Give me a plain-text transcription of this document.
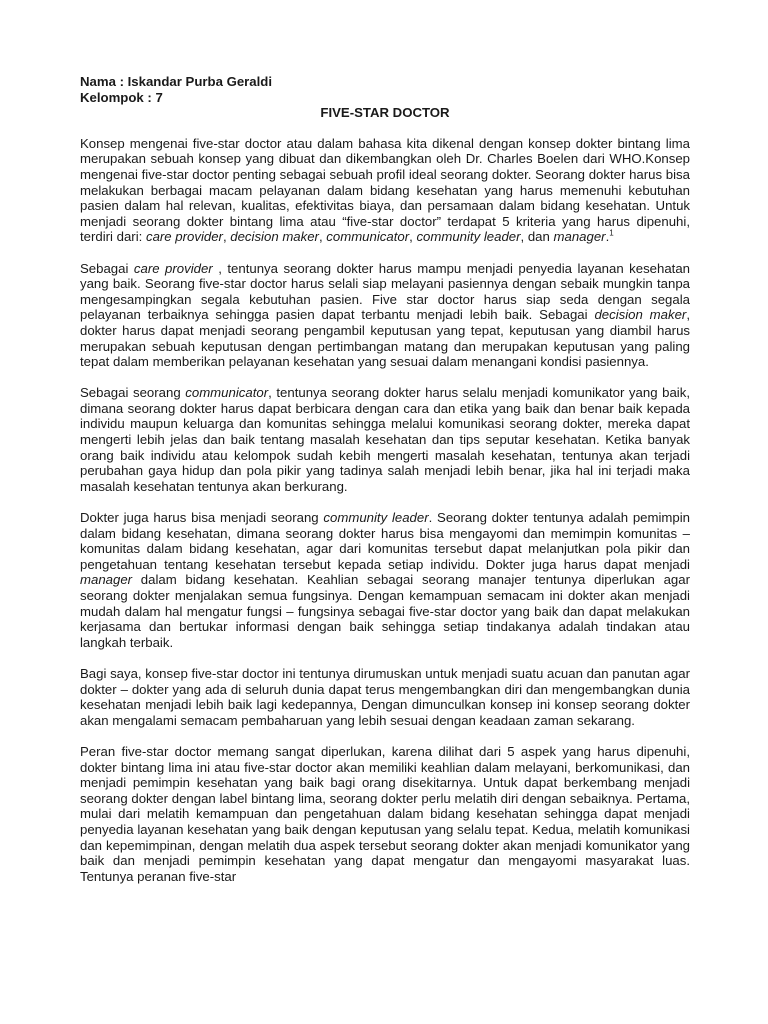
Nama : Iskandar Purba Geraldi

Kelompok : 7

FIVE-STAR DOCTOR

Konsep mengenai five-star doctor atau dalam bahasa kita dikenal dengan konsep dokter bintang lima merupakan sebuah konsep yang dibuat dan dikembangkan oleh Dr. Charles Boelen dari WHO.Konsep mengenai five-star doctor penting sebagai sebuah profil ideal seorang dokter. Seorang dokter harus bisa melakukan berbagai macam pelayanan dalam bidang kesehatan yang harus memenuhi kebutuhan pasien dalam hal relevan, kualitas, efektivitas biaya, dan persamaan dalam bidang kesehatan. Untuk menjadi seorang dokter bintang lima atau “five-star doctor” terdapat 5 kriteria yang harus dipenuhi, terdiri dari: care provider, decision maker, communicator, community leader, dan manager.$^1$

Sebagai care provider , tentunya seorang dokter harus mampu menjadi penyedia layanan kesehatan yang baik. Seorang five-star doctor harus selali siap melayani pasiennya dengan sebaik mungkin tanpa mengesampingkan segala kebutuhan pasien. Five star doctor harus siap seda dengan segala pelayanan terbaiknya sehingga pasien dapat terbantu menjadi lebih baik. Sebagai decision maker, dokter harus dapat menjadi seorang pengambil keputusan yang tepat, keputusan yang diambil harus merupakan sebuah keputusan dengan pertimbangan matang dan merupakan keputusan yang paling tepat dalam memberikan pelayanan kesehatan yang sesuai dalam menangani kondisi pasiennya.

Sebagai seorang communicator, tentunya seorang dokter harus selalu menjadi komunikator yang baik, dimana seorang dokter harus dapat berbicara dengan cara dan etika yang baik dan benar baik kepada individu maupun keluarga dan komunitas sehingga melalui komunikasi seorang dokter, mereka dapat mengerti lebih jelas dan baik tentang masalah kesehatan dan tips seputar kesehatan. Ketika banyak orang baik individu atau kelompok sudah kebih mengerti masalah kesehatan, tentunya akan terjadi perubahan gaya hidup dan pola pikir yang tadinya salah menjadi lebih benar, jika hal ini terjadi maka masalah kesehatan tentunya akan berkurang.

Dokter juga harus bisa menjadi seorang community leader. Seorang dokter tentunya adalah pemimpin dalam bidang kesehatan, dimana seorang dokter harus bisa mengayomi dan memimpin komunitas – komunitas dalam bidang kesehatan, agar dari komunitas tersebut dapat melanjutkan pola pikir dan pengetahuan tentang kesehatan tersebut kepada setiap individu. Dokter juga harus dapat menjadi manager dalam bidang kesehatan. Keahlian sebagai seorang manajer tentunya diperlukan agar seorang dokter menjalakan semua fungsinya. Dengan kemampuan semacam ini dokter akan menjadi mudah dalam hal mengatur fungsi – fungsinya sebagai five-star doctor yang baik dan dapat melakukan kerjasama dan bertukar informasi dengan baik sehingga setiap tindakanya adalah tindakan atau langkah terbaik.

Bagi saya, konsep five-star doctor ini tentunya dirumuskan untuk menjadi suatu acuan dan panutan agar dokter – dokter yang ada di seluruh dunia dapat terus mengembangkan diri dan mengembangkan dunia kesehatan menjadi lebih baik lagi kedepannya, Dengan dimunculkan konsep ini konsep seorang dokter akan mengalami semacam pembaharuan yang lebih sesuai dengan keadaan zaman sekarang.

Peran five-star doctor memang sangat diperlukan, karena dilihat dari 5 aspek yang harus dipenuhi, dokter bintang lima ini atau five-star doctor akan memiliki keahlian dalam melayani, berkomunikasi, dan menjadi pemimpin kesehatan yang baik bagi orang disekitarnya. Untuk dapat berkembang menjadi seorang dokter dengan label bintang lima, seorang dokter perlu melatih diri dengan sebaiknya. Pertama, mulai dari melatih kemampuan dan pengetahuan dalam bidang kesehatan sehingga dapat menjadi penyedia layanan kesehatan yang baik dengan keputusan yang selalu tepat. Kedua, melatih komunikasi dan kepemimpinan, dengan melatih dua aspek tersebut seorang dokter akan menjadi komunikator yang baik dan menjadi pemimpin kesehatan yang dapat mengatur dan mengayomi masyarakat luas. Tentunya peranan five-star
